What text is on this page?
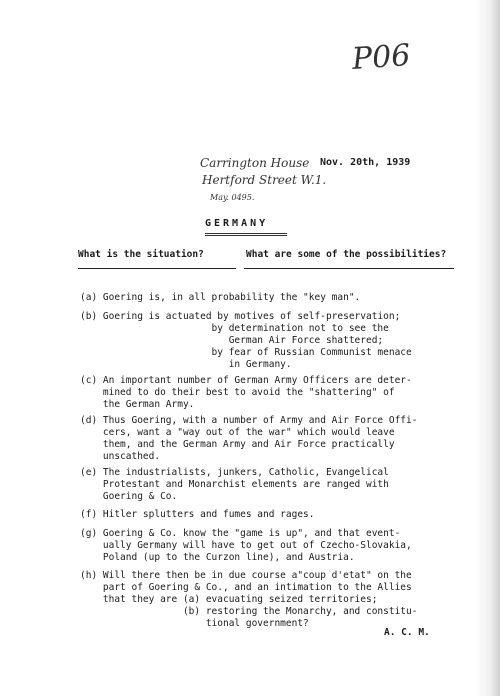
P06
Carrington House
Hertford Street W.1.
May. 0495.
Nov. 20th, 1939
GERMANY
What is the situation?	What are some of the possibilities?
(a) Goering is, in all probability the "key man".
(b) Goering is actuated by motives of self-preservation;
by determination not to see the
German Air Force shattered;
by fear of Russian Communist menace
in Germany.
(c) An important number of German Army Officers are deter-
mined to do their best to avoid the "shattering" of
the German Army.
(d) Thus Goering, with a number of Army and Air Force Offi-
cers, want a "way out of the war" which would leave
them, and the German Army and Air Force practically
unscathed.
(e) The industrialists, junkers, Catholic, Evangelical
Protestant and Monarchist elements are ranged with
Goering & Co.
(f) Hitler splutters and fumes and rages.
(g) Goering & Co. know the "game is up", and that event-
ually Germany will have to get out of Czecho-Slovakia,
Poland (up to the Curzon line), and Austria.
(h) Will there then be in due course a"coup d'etat" on the
part of Goering & Co., and an intimation to the Allies
that they are (a) evacuating seized territories;
(b) restoring the Monarchy, and constitu-
tional government?
A. C. M.
